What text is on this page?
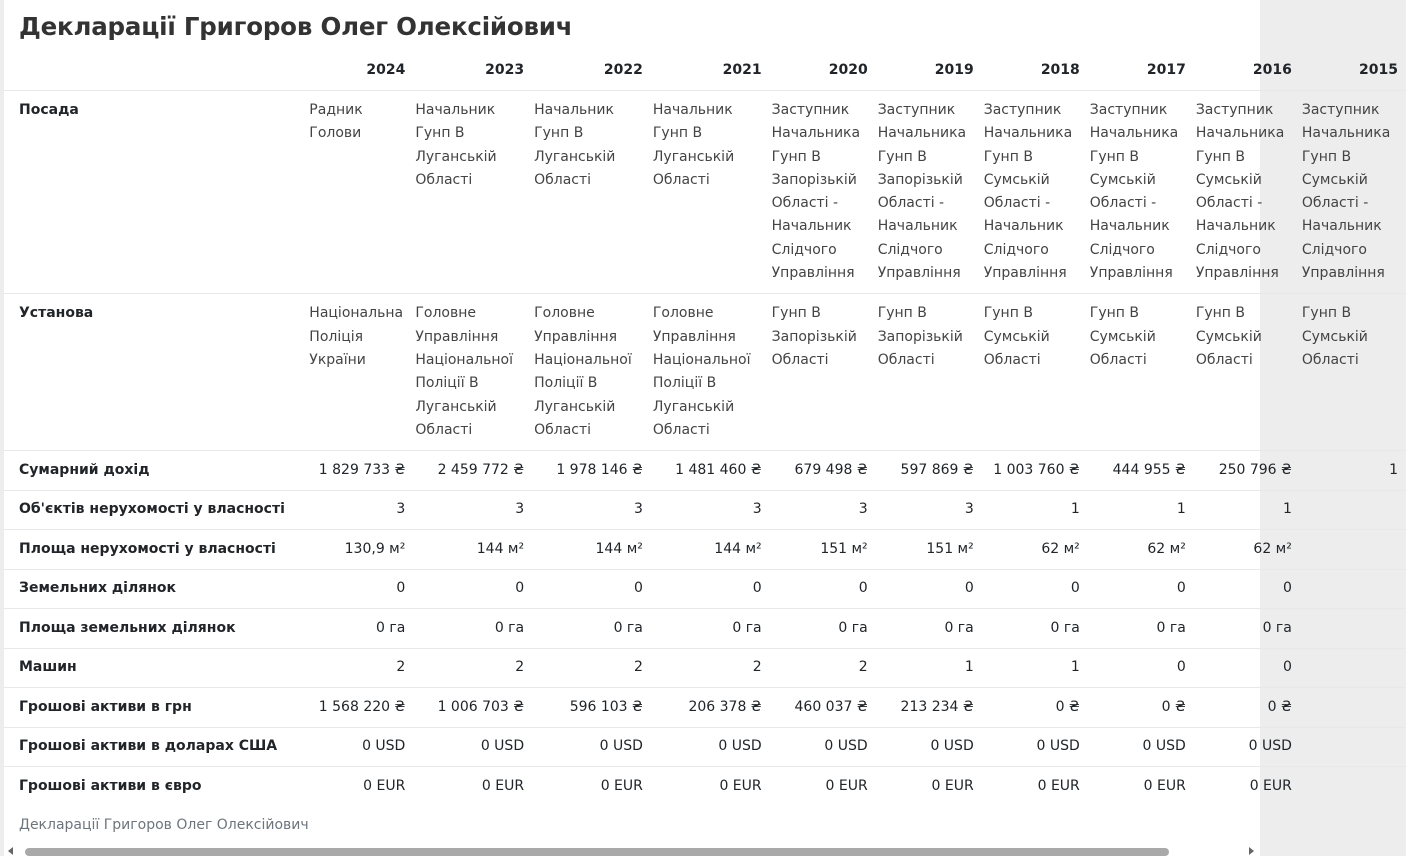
Декларації Григоров Олег Олексійович
	2024	2023	2022	2021	2020	2019	2018	2017	2016	2015
Посада	Радник Голови	Начальник Гунп В Луганській Області	Начальник Гунп В Луганській Області	Начальник Гунп В Луганській Області	Заступник Начальника Гунп В Запорізькій Області - Начальник Слідчого Управління	Заступник Начальника Гунп В Запорізькій Області - Начальник Слідчого Управління	Заступник Начальника Гунп В Сумській Області - Начальник Слідчого Управління	Заступник Начальника Гунп В Сумській Області - Начальник Слідчого Управління	Заступник Начальника Гунп В Сумській Області - Начальник Слідчого Управління	Заступник Начальника Гунп В Сумській Області - Начальник Слідчого Управління
Установа	Національна Поліція України	Головне Управління Національної Поліції В Луганській Області	Головне Управління Національної Поліції В Луганській Області	Головне Управління Національної Поліції В Луганській Області	Гунп В Запорізькій Області	Гунп В Запорізькій Області	Гунп В Сумській Області	Гунп В Сумській Області	Гунп В Сумській Області	Гунп В Сумській Області
Сумарний дохід	1 829 733 ₴	2 459 772 ₴	1 978 146 ₴	1 481 460 ₴	679 498 ₴	597 869 ₴	1 003 760 ₴	444 955 ₴	250 796 ₴	1
Об'єктів нерухомості у власності	3	3	3	3	3	3	1	1	1	
Площа нерухомості у власності	130,9 м²	144 м²	144 м²	144 м²	151 м²	151 м²	62 м²	62 м²	62 м²	
Земельних ділянок	0	0	0	0	0	0	0	0	0	
Площа земельних ділянок	0 га	0 га	0 га	0 га	0 га	0 га	0 га	0 га	0 га	
Машин	2	2	2	2	2	1	1	0	0	
Грошові активи в грн	1 568 220 ₴	1 006 703 ₴	596 103 ₴	206 378 ₴	460 037 ₴	213 234 ₴	0 ₴	0 ₴	0 ₴	
Грошові активи в доларах США	0 USD	0 USD	0 USD	0 USD	0 USD	0 USD	0 USD	0 USD	0 USD	
Грошові активи в євро	0 EUR	0 EUR	0 EUR	0 EUR	0 EUR	0 EUR	0 EUR	0 EUR	0 EUR	
Декларації Григоров Олег Олексійович
